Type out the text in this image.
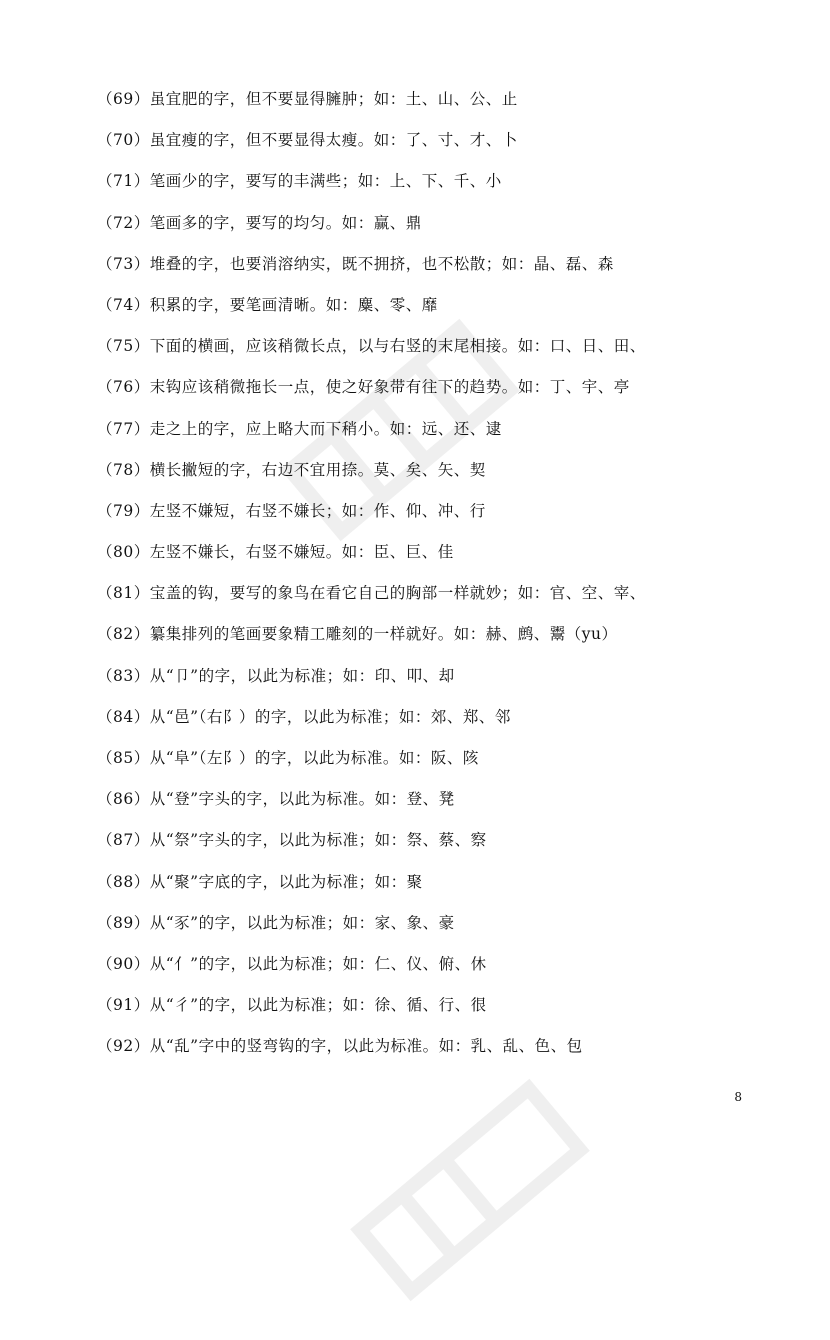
（69）虽宜肥的字，但不要显得臃肿；如：土、山、公、止
（70）虽宜瘦的字，但不要显得太瘦。如：了、寸、才、卜
（71）笔画少的字，要写的丰满些；如：上、下、千、小
（72）笔画多的字，要写的均匀。如：赢、鼎
（73）堆叠的字，也要消溶纳实，既不拥挤，也不松散；如：晶、磊、森
（74）积累的字，要笔画清晰。如：麋、零、靡
（75）下面的横画，应该稍微长点，以与右竖的末尾相接。如：口、日、田、
（76）末钩应该稍微拖长一点，使之好象带有往下的趋势。如：丁、宇、亭
（77）走之上的字，应上略大而下稍小。如：远、还、逮
（78）横长撇短的字，右边不宜用捺。莫、矣、矢、契
（79）左竖不嫌短，右竖不嫌长；如：作、仰、冲、行
（80）左竖不嫌长，右竖不嫌短。如：臣、巨、佳
（81）宝盖的钩，要写的象鸟在看它自己的胸部一样就妙；如：官、空、宰、
（82）纂集排列的笔画要象精工雕刻的一样就好。如：赫、鹧、鬻（yu）
（83）从“卩”的字，以此为标准；如：印、叩、却
（84）从“邑”（右阝）的字，以此为标准；如：郊、郑、邻
（85）从“阜”（左阝）的字，以此为标准。如：阪、陔
（86）从“登”字头的字，以此为标准。如：登、凳
（87）从“祭”字头的字，以此为标准；如：祭、蔡、察
（88）从“聚”字底的字，以此为标准；如：聚
（89）从“豕”的字，以此为标准；如：家、象、豪
（90）从“亻”的字，以此为标准；如：仁、仪、俯、休
（91）从“彳”的字，以此为标准；如：徐、循、行、很
（92）从“乱”字中的竖弯钩的字，以此为标准。如：乳、乱、色、包
8
